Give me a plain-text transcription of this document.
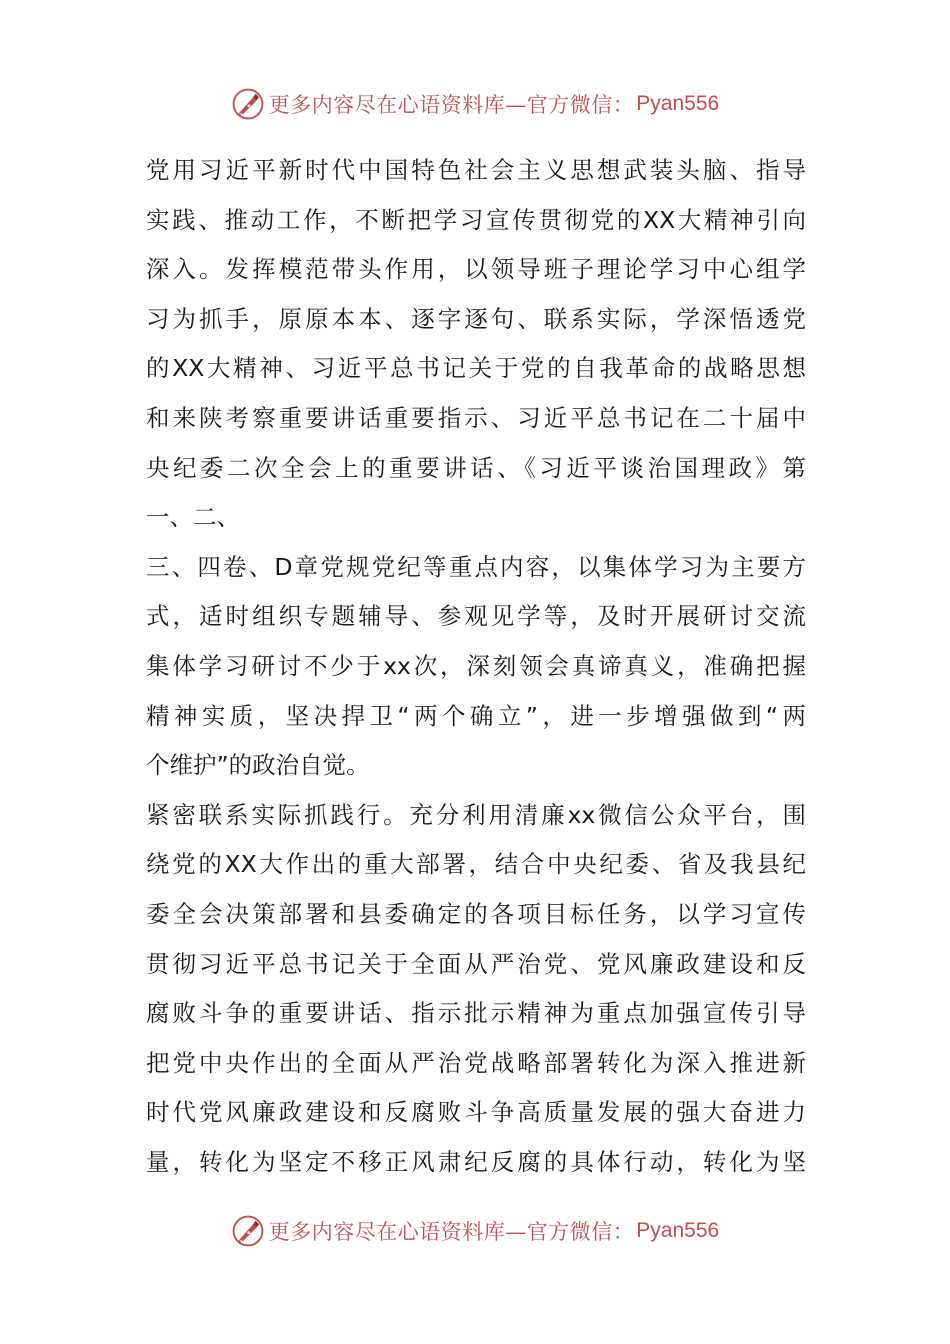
更多内容尽在心语资料库—官方微信： Pyan556
党用习近平新时代中国特色社会主义思想武装头脑、指导
实践、推动工作，不断把学习宣传贯彻党的XX大精神引向
深入。发挥模范带头作用，以领导班子理论学习中心组学
习为抓手，原原本本、逐字逐句、联系实际，学深悟透党
的XX大精神、习近平总书记关于党的自我革命的战略思想
和来陕考察重要讲话重要指示、习近平总书记在二十届中
央纪委二次全会上的重要讲话、《习近平谈治国理政》第
一、二、
三、四卷、D章党规党纪等重点内容，以集体学习为主要方
式，适时组织专题辅导、参观见学等，及时开展研讨交流
集体学习研讨不少于xx次，深刻领会真谛真义，准确把握
精神实质，坚决捍卫“两个确立”，进一步增强做到“两
个维护”的政治自觉。
紧密联系实际抓践行。充分利用清廉xx微信公众平台，围
绕党的XX大作出的重大部署，结合中央纪委、省及我县纪
委全会决策部署和县委确定的各项目标任务，以学习宣传
贯彻习近平总书记关于全面从严治党、党风廉政建设和反
腐败斗争的重要讲话、指示批示精神为重点加强宣传引导
把党中央作出的全面从严治党战略部署转化为深入推进新
时代党风廉政建设和反腐败斗争高质量发展的强大奋进力
量，转化为坚定不移正风肃纪反腐的具体行动，转化为坚
更多内容尽在心语资料库—官方微信： Pyan556
